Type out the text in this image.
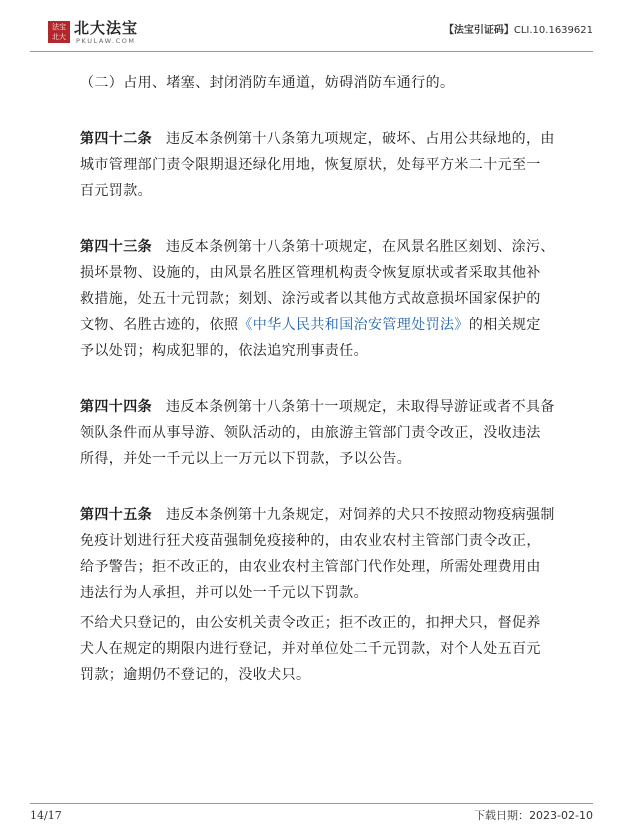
法宝
北大 北大法宝
PKULAW.COM
【法宝引证码】CLI.10.1639621

（二）占用、堵塞、封闭消防车通道，妨碍消防车通行的。

第四十二条 违反本条例第十八条第九项规定，破坏、占用公共绿地的，由城市管理部门责令限期退还绿化用地，恢复原状，处每平方米二十元至一百元罚款。

第四十三条 违反本条例第十八条第十项规定，在风景名胜区刻划、涂污、损坏景物、设施的，由风景名胜区管理机构责令恢复原状或者采取其他补救措施，处五十元罚款；刻划、涂污或者以其他方式故意损坏国家保护的文物、名胜古迹的，依照《中华人民共和国治安管理处罚法》的相关规定予以处罚；构成犯罪的，依法追究刑事责任。

第四十四条 违反本条例第十八条第十一项规定，未取得导游证或者不具备领队条件而从事导游、领队活动的，由旅游主管部门责令改正，没收违法所得，并处一千元以上一万元以下罚款，予以公告。

第四十五条 违反本条例第十九条规定，对饲养的犬只不按照动物疫病强制免疫计划进行狂犬疫苗强制免疫接种的，由农业农村主管部门责令改正，给予警告；拒不改正的，由农业农村主管部门代作处理，所需处理费用由违法行为人承担，并可以处一千元以下罚款。

不给犬只登记的，由公安机关责令改正；拒不改正的，扣押犬只，督促养犬人在规定的期限内进行登记，并对单位处二千元罚款，对个人处五百元罚款；逾期仍不登记的，没收犬只。

14/17	下载日期：2023-02-10
